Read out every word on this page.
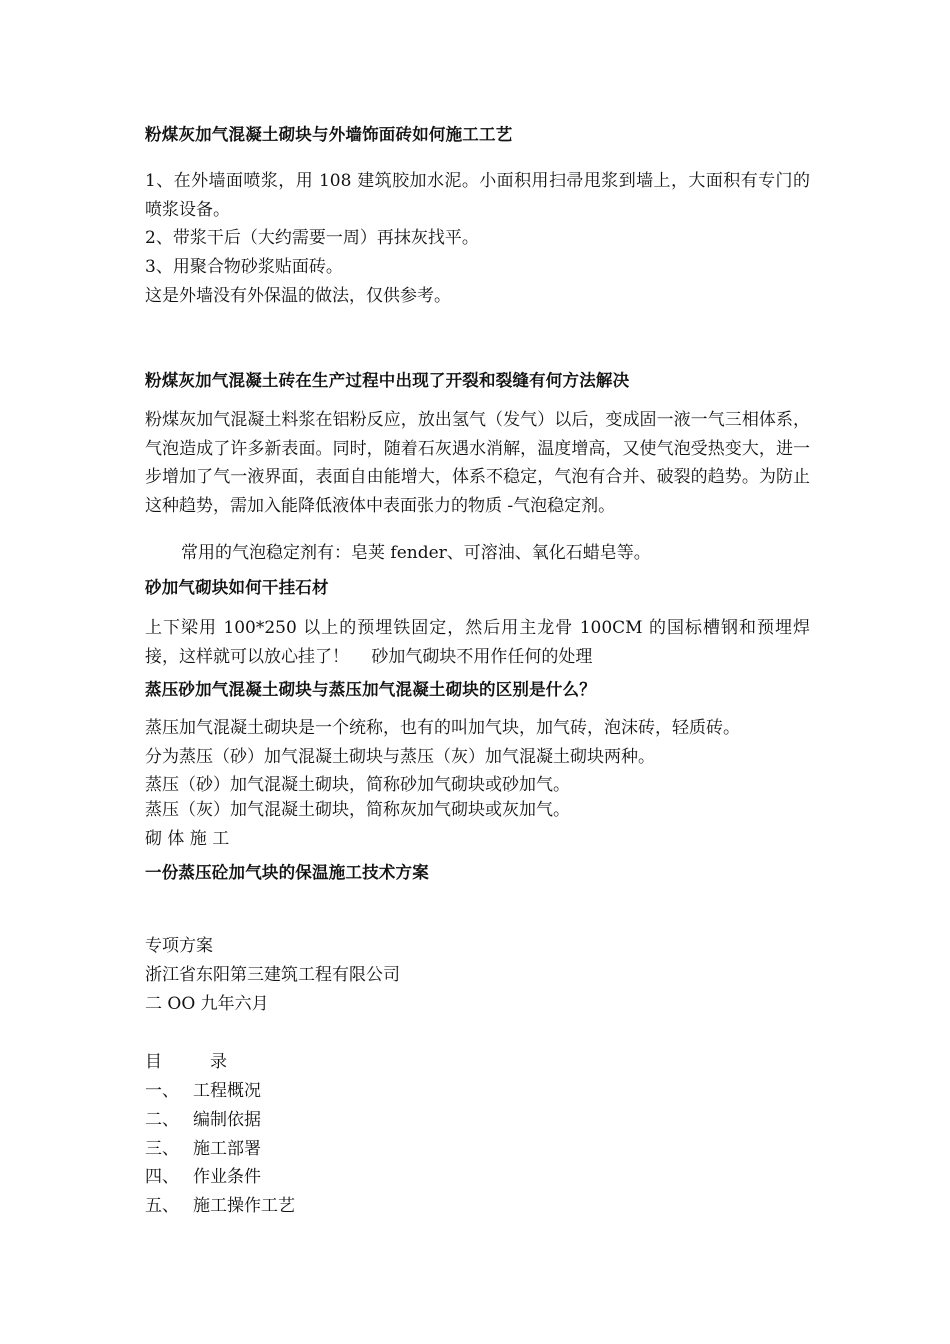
粉煤灰加气混凝土砌块与外墙饰面砖如何施工工艺
1、在外墙面喷浆，用 108 建筑胶加水泥。小面积用扫帚甩浆到墙上，大面积有专门的喷浆设备。
2、带浆干后（大约需要一周）再抹灰找平。
3、用聚合物砂浆贴面砖。
这是外墙没有外保温的做法，仅供参考。
粉煤灰加气混凝土砖在生产过程中出现了开裂和裂缝有何方法解决
粉煤灰加气混凝土料浆在铝粉反应，放出氢气（发气）以后，变成固一液一气三相体系，气泡造成了许多新表面。同时，随着石灰遇水消解，温度增高，又使气泡受热变大，进一步增加了气一液界面，表面自由能增大，体系不稳定，气泡有合并、破裂的趋势。为防止这种趋势，需加入能降低液体中表面张力的物质 -气泡稳定剂。
常用的气泡稳定剂有：皂荚 fender、可溶油、氧化石蜡皂等。
砂加气砌块如何干挂石材
上下梁用 100*250 以上的预埋铁固定，然后用主龙骨 100CM 的国标槽钢和预埋焊接，这样就可以放心挂了！　 砂加气砌块不用作任何的处理
蒸压砂加气混凝土砌块与蒸压加气混凝土砌块的区别是什么？
蒸压加气混凝土砌块是一个统称，也有的叫加气块，加气砖，泡沫砖，轻质砖。
分为蒸压（砂）加气混凝土砌块与蒸压（灰）加气混凝土砌块两种。
蒸压（砂）加气混凝土砌块，简称砂加气砌块或砂加气。
蒸压（灰）加气混凝土砌块，简称灰加气砌块或灰加气。
砌 体 施 工
一份蒸压砼加气块的保温施工技术方案
专项方案
浙江省东阳第三建筑工程有限公司
二 OO 九年六月
目	录
一、 工程概况
二、 编制依据
三、 施工部署
四、 作业条件
五、 施工操作工艺
